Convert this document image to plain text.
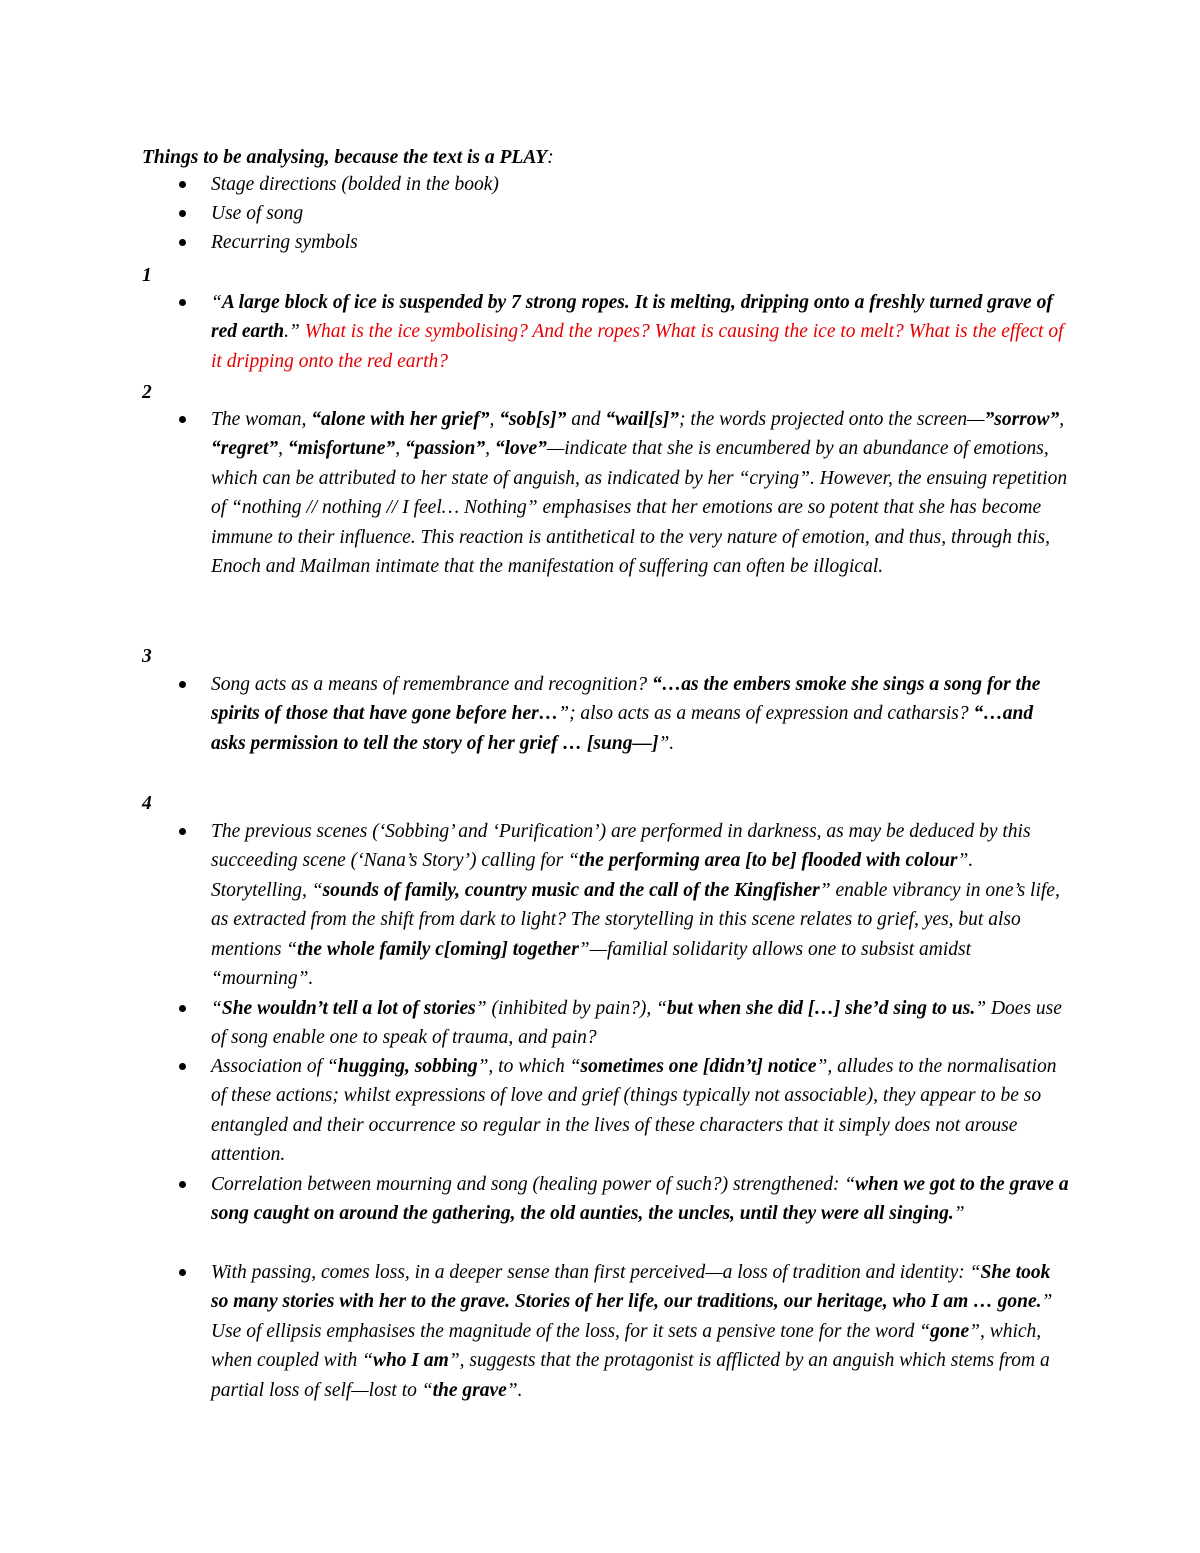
Things to be analysing, because the text is a PLAY:
Stage directions (bolded in the book)
Use of song
Recurring symbols
1
“A large block of ice is suspended by 7 strong ropes. It is melting, dripping onto a freshly turned grave of red earth.” What is the ice symbolising? And the ropes? What is causing the ice to melt? What is the effect of it dripping onto the red earth?
2
The woman, “alone with her grief”, “sob[s]” and “wail[s]”; the words projected onto the screen—”sorrow”, “regret”, “misfortune”, “passion”, “love”—indicate that she is encumbered by an abundance of emotions, which can be attributed to her state of anguish, as indicated by her “crying”. However, the ensuing repetition of “nothing // nothing // I feel… Nothing” emphasises that her emotions are so potent that she has become immune to their influence. This reaction is antithetical to the very nature of emotion, and thus, through this, Enoch and Mailman intimate that the manifestation of suffering can often be illogical.
3
Song acts as a means of remembrance and recognition? “…as the embers smoke she sings a song for the spirits of those that have gone before her…”; also acts as a means of expression and catharsis? “…and asks permission to tell the story of her grief … [sung—]”.
4
The previous scenes (‘Sobbing’ and ‘Purification’) are performed in darkness, as may be deduced by this succeeding scene (‘Nana’s Story’) calling for “the performing area [to be] flooded with colour”. Storytelling, “sounds of family, country music and the call of the Kingfisher” enable vibrancy in one’s life, as extracted from the shift from dark to light? The storytelling in this scene relates to grief, yes, but also mentions “the whole family c[oming] together”—familial solidarity allows one to subsist amidst “mourning”.
“She wouldn’t tell a lot of stories” (inhibited by pain?), “but when she did […] she’d sing to us.” Does use of song enable one to speak of trauma, and pain?
Association of “hugging, sobbing”, to which “sometimes one [didn’t] notice”, alludes to the normalisation of these actions; whilst expressions of love and grief (things typically not associable), they appear to be so entangled and their occurrence so regular in the lives of these characters that it simply does not arouse attention.
Correlation between mourning and song (healing power of such?) strengthened: “when we got to the grave a song caught on around the gathering, the old aunties, the uncles, until they were all singing.”
With passing, comes loss, in a deeper sense than first perceived—a loss of tradition and identity: “She took so many stories with her to the grave. Stories of her life, our traditions, our heritage, who I am … gone.” Use of ellipsis emphasises the magnitude of the loss, for it sets a pensive tone for the word “gone”, which, when coupled with “who I am”, suggests that the protagonist is afflicted by an anguish which stems from a partial loss of self—lost to “the grave”.
